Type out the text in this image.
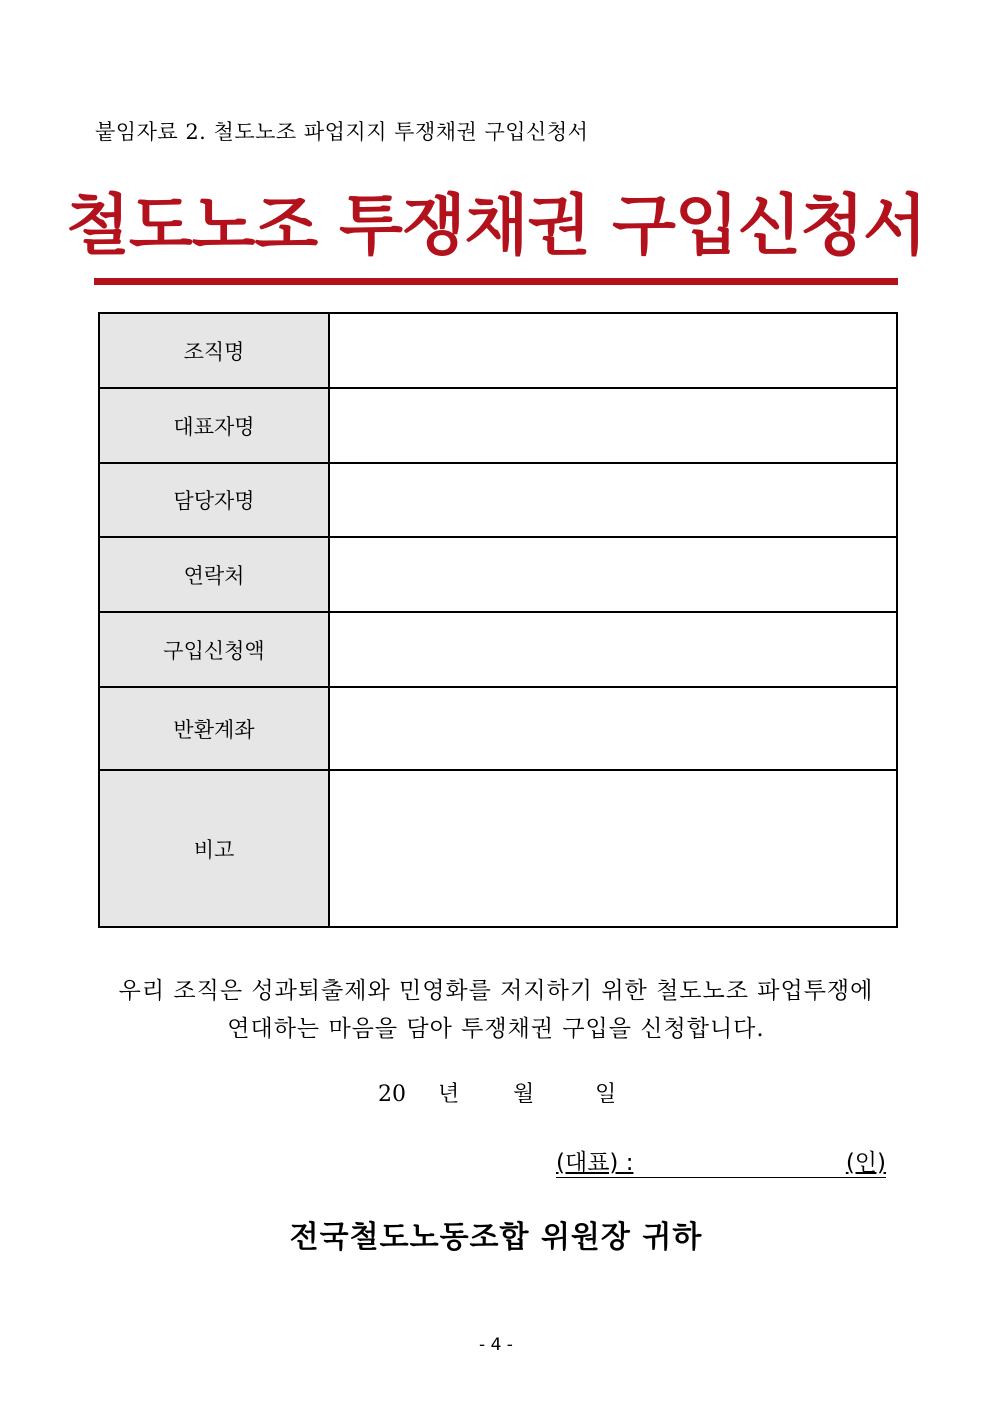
붙임자료 2. 철도노조 파업지지 투쟁채권 구입신청서
철도노조 투쟁채권 구입신청서
조직명	
대표자명	
담당자명	
연락처	
구입신청액	
반환계좌	
비고	
우리 조직은 성과퇴출제와 민영화를 저지하기 위한 철도노조 파업투쟁에
연대하는 마음을 담아 투쟁채권 구입을 신청합니다.
20 년 월	일
(대표) :	(인)
전국철도노동조합 위원장 귀하
- 4 -
